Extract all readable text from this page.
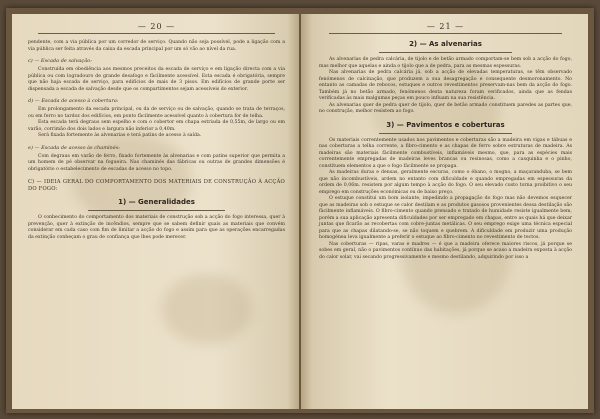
— 20 —

pendente, com a via pública por um corredor de serviço. Quando não seja possível, pode a ligação com a via pública ser feita através da caixa da escada principal por um só vão ao nível da rua.

c) — Escada de salvação:

Construída em obediência aos mesmos preceitos da escada de serviço e em ligação directa com a via pública ou com logradouro de grande desafogo e fàcilmente acessível. Esta escada é obrigatória, sempre que não haja escada de serviço, para edifícios de mais de 3 pisos. Em edifícios de grande porte ser dispensada a escada de salvação desde que os compartimentos sejam acessíveis do exterior.

d) — Escada de acesso à cobertura:

Em prolongamento da escada principal, ou da de serviço ou de salvação, quando se trata de terraços, ou em ferro no tardoz dos edifícios, em ponto fàcilmente acessível quanto à cobertura for de telha.

Esta escada terá degraus sem espelho e com o cobertor em chapa estriada de 0,55m, de largo ou em varão, corrimão dos dois lados e largura não inferior a 0,40m.

Será fixada fortemente às alvenarias e terá patins de acesso à saída.

e) — Escada de acesso às chaminés:

Com degraus em varão de ferro, fixado fortemente às alvenarias e com patins superior que permita a um homem de pé observar na fogueira. Nas chaminés das fábricas ou outras de grandes dimensões é obrigatório o estabelecimento de escadas de acesso no topo.

C) — IDEIA GERAL DO COMPORTAMENTO DOS MATERIAIS DE CONSTRUÇÃO À ACÇÃO DO FOGO:

1) — Generalidades

O conhecimento do comportamento dos materiais de construção sob a acção do fogo interessa, quer à prevenção, quer à extinção de incêndios, sempre que se sabem definir quais as materiais que convém considerar em cada caso com fim de limitar a acção do fogo e assim para que as operações encarregadas da extinção conheçam o grau de confiança que lhes pode merecer.

— 21 —
2) — As alvenarias

As alvenarias de pedra calcária, de tijolo e de betão armado comportam-se bem sob a acção do fogo, mas melhor que aquelas e ainda o tijolo que a de pedra, para as mesmas espessuras.

Nas alvenarias de pedra calcária já, sob a acção de elevadas temperaturas, se têm observado fenómenos de calcinação, que produzem a sua desagregação e consequente desmoronamento. No entanto as camadas de rebocos, estuques e outros revestimentos preservam-nas bem da acção do fogo. Também já no betão armado, fenómenos desta natureza foram verificados, ainda que as fendas verificadas às mais malgumas peças em pouco influam na sua resistência.

As alvenarias quer de pedra quer de tijolo, quer de betão armado constituem paredes as partes que, no construção, melhor resistem ao fogo.

3) — Pavimentos e coberturas

Os materiais correntemente usados nos pavimentos e coberturas são a madeira em vigas e tábuas e nas coberturas a telha corrente, a fibro-cimento e as chapas de ferro sobre estruturas de madeira. As madeiras são materiais fàcilmente combustíveis, inflamáveis mesmo, que, para as espécies mais correntemente empregadas de madeiras leves brancas ou resinosas, como a casquinha e o pinho, constituem elementos a que o fogo fàcilmente se propaga.

As madeiras duras e densas, geralmente escuras, como o ébano, o mogno, a maçaranduba, se bem que não incombustíveis, ardem no entanto com dificuldade e quando empregadas em espessuras da ordem de 0,06m. resistem por algum tempo à acção do fogo. O seu elevado custo torna proibitivo o seu emprego em construções económicas ou de baixo preço.

O estuque constitui um bom isolante, impedindo a propagação do fogo mas não devemos esquecer que as madeiras sob o estuque se calor destilam e as produtos gasosos provenientes dessa destilação são fàcilmente inflamáveis. O fibro-cimento quando prensado e tratado de humidade resiste igualmente bem, porém a sua aplicação apresenta dificuldades por ser empregado em chapas, entre as quais há que deixar juntas que ficarão as recobertas com cobre-juntas metálicas. O seu emprego exige uma técnica especial para que as chapas dilatando-se, se não toquem e quebrem. A dificuldade em produzir uma produção homogénea leva igualmente a preferir o estuque ao fibro-cimento no revestimento de tectos.

Nas coberturas — ripas, varas e madres — é que a madeira oferece maiores riscos, já porque se sobes em geral, não o pavimentos contínuo das habitações, já porque se acaso a madeira exposta à acção do calor solar, vai secando progressivamente e mesmo destilando, adquirindo por isso a
